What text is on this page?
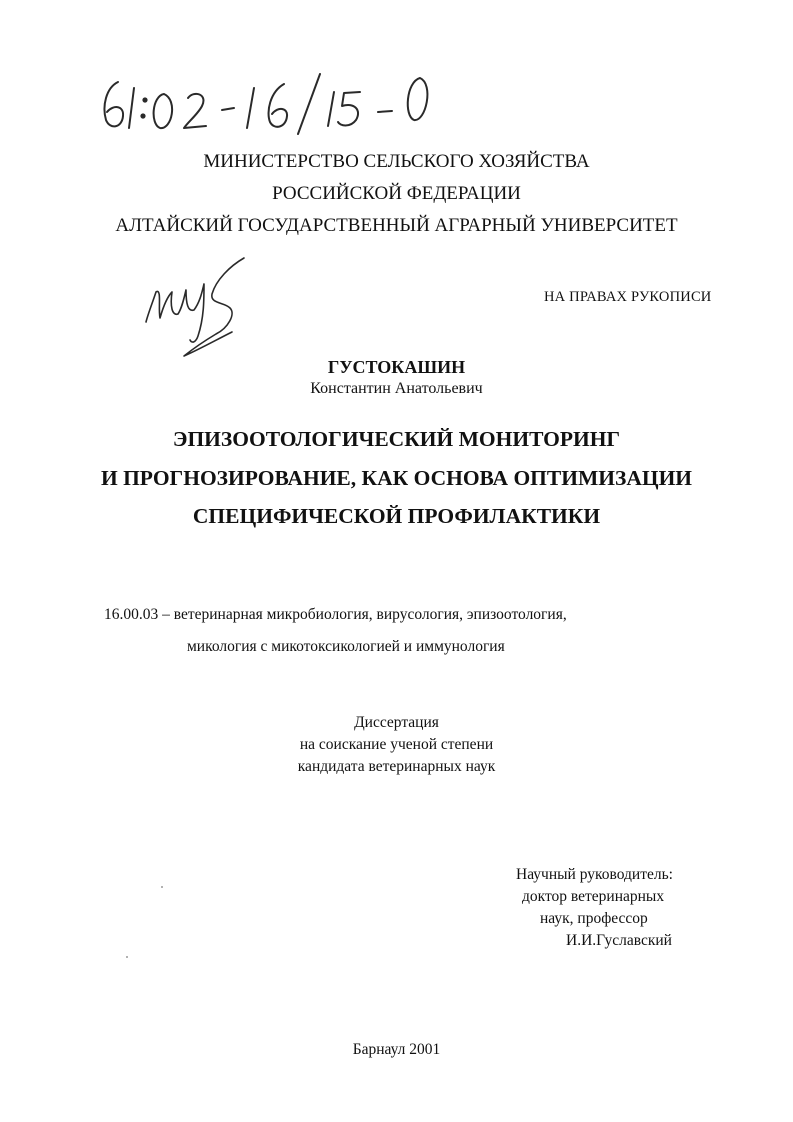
МИНИСТЕРСТВО СЕЛЬСКОГО ХОЗЯЙСТВА
РОССИЙСКОЙ ФЕДЕРАЦИИ
АЛТАЙСКИЙ ГОСУДАРСТВЕННЫЙ АГРАРНЫЙ УНИВЕРСИТЕТ
НА ПРАВАХ РУКОПИСИ
ГУСТОКАШИН
Константин Анатольевич
ЭПИЗООТОЛОГИЧЕСКИЙ МОНИТОРИНГ
И ПРОГНОЗИРОВАНИЕ, КАК ОСНОВА ОПТИМИЗАЦИИ
СПЕЦИФИЧЕСКОЙ ПРОФИЛАКТИКИ
16.00.03 – ветеринарная микробиология, вирусология, эпизоотология,
микология с микотоксикологией и иммунология
Диссертация
на соискание ученой степени
кандидата ветеринарных наук
Научный руководитель:
доктор ветеринарных
наук, профессор
И.И.Гуславский
Барнаул 2001
